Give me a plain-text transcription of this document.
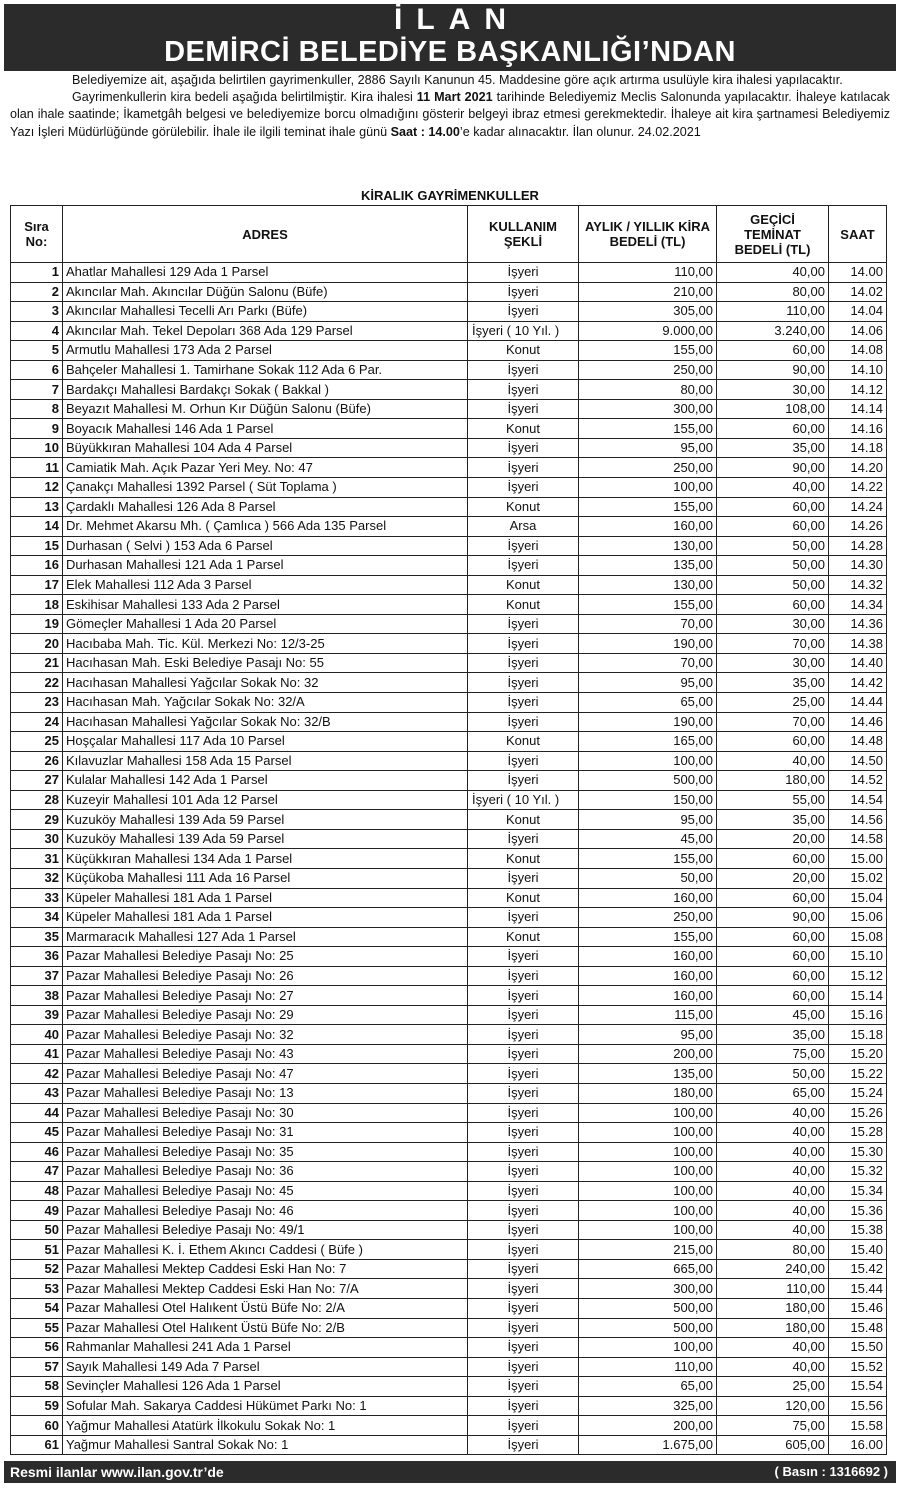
İLAN
DEMİRCİ BELEDİYE BAŞKANLIĞI’NDAN

Belediyemize ait, aşağıda belirtilen gayrimenkuller, 2886 Sayılı Kanunun 45. Maddesine göre açık artırma usulüyle kira ihalesi yapılacaktır.

Gayrimenkullerin kira bedeli aşağıda belirtilmiştir. Kira ihalesi 11 Mart 2021 tarihinde Belediyemiz Meclis Salonunda yapılacaktır. İhaleye katılacak olan ihale saatinde; İkametgâh belgesi ve belediyemize borcu olmadığını gösterir belgeyi ibraz etmesi gerekmektedir. İhaleye ait kira şartnamesi Belediyemiz Yazı İşleri Müdürlüğünde görülebilir. İhale ile ilgili teminat ihale günü Saat : 14.00’e kadar alınacaktır. İlan olunur. 24.02.2021

KİRALIK GAYRİMENKULLER
Sıra No:	ADRES	KULLANIM ŞEKLİ	AYLIK / YILLIK KİRA BEDELİ (TL)	GEÇİCİ TEMİNAT BEDELİ (TL)	SAAT
1	Ahatlar Mahallesi 129 Ada 1 Parsel	İşyeri	110,00	40,00	14.00
2	Akıncılar Mah. Akıncılar Düğün Salonu (Büfe)	İşyeri	210,00	80,00	14.02
3	Akıncılar Mahallesi Tecelli Arı Parkı (Büfe)	İşyeri	305,00	110,00	14.04
4	Akıncılar Mah. Tekel Depoları 368 Ada 129 Parsel	İşyeri ( 10 Yıl. )	9.000,00	3.240,00	14.06
5	Armutlu Mahallesi 173 Ada 2 Parsel	Konut	155,00	60,00	14.08
6	Bahçeler Mahallesi 1. Tamirhane Sokak 112 Ada 6 Par.	İşyeri	250,00	90,00	14.10
7	Bardakçı Mahallesi Bardakçı Sokak ( Bakkal )	İşyeri	80,00	30,00	14.12
8	Beyazıt Mahallesi M. Orhun Kır Düğün Salonu (Büfe)	İşyeri	300,00	108,00	14.14
9	Boyacık Mahallesi 146 Ada 1 Parsel	Konut	155,00	60,00	14.16
10	Büyükkıran Mahallesi 104 Ada 4 Parsel	İşyeri	95,00	35,00	14.18
11	Camiatik Mah. Açık Pazar Yeri Mey. No: 47	İşyeri	250,00	90,00	14.20
12	Çanakçı Mahallesi 1392 Parsel ( Süt Toplama )	İşyeri	100,00	40,00	14.22
13	Çardaklı Mahallesi 126 Ada 8 Parsel	Konut	155,00	60,00	14.24
14	Dr. Mehmet Akarsu Mh. ( Çamlıca ) 566 Ada 135 Parsel	Arsa	160,00	60,00	14.26
15	Durhasan ( Selvi ) 153 Ada 6 Parsel	İşyeri	130,00	50,00	14.28
16	Durhasan Mahallesi 121 Ada 1 Parsel	İşyeri	135,00	50,00	14.30
17	Elek Mahallesi 112 Ada 3 Parsel	Konut	130,00	50,00	14.32
18	Eskihisar Mahallesi 133 Ada 2 Parsel	Konut	155,00	60,00	14.34
19	Gömeçler Mahallesi 1 Ada 20 Parsel	İşyeri	70,00	30,00	14.36
20	Hacıbaba Mah. Tic. Kül. Merkezi No: 12/3-25	İşyeri	190,00	70,00	14.38
21	Hacıhasan Mah. Eski Belediye Pasajı No: 55	İşyeri	70,00	30,00	14.40
22	Hacıhasan Mahallesi Yağcılar Sokak No: 32	İşyeri	95,00	35,00	14.42
23	Hacıhasan Mah. Yağcılar Sokak No: 32/A	İşyeri	65,00	25,00	14.44
24	Hacıhasan Mahallesi Yağcılar Sokak No: 32/B	İşyeri	190,00	70,00	14.46
25	Hoşçalar Mahallesi 117 Ada 10 Parsel	Konut	165,00	60,00	14.48
26	Kılavuzlar Mahallesi 158 Ada 15 Parsel	İşyeri	100,00	40,00	14.50
27	Kulalar Mahallesi 142 Ada 1 Parsel	İşyeri	500,00	180,00	14.52
28	Kuzeyir Mahallesi 101 Ada 12 Parsel	İşyeri ( 10 Yıl. )	150,00	55,00	14.54
29	Kuzuköy Mahallesi 139 Ada 59 Parsel	Konut	95,00	35,00	14.56
30	Kuzuköy Mahallesi 139 Ada 59 Parsel	İşyeri	45,00	20,00	14.58
31	Küçükkıran Mahallesi 134 Ada 1 Parsel	Konut	155,00	60,00	15.00
32	Küçükoba Mahallesi 111 Ada 16 Parsel	İşyeri	50,00	20,00	15.02
33	Küpeler Mahallesi 181 Ada 1 Parsel	Konut	160,00	60,00	15.04
34	Küpeler Mahallesi 181 Ada 1 Parsel	İşyeri	250,00	90,00	15.06
35	Marmaracık Mahallesi 127 Ada 1 Parsel	Konut	155,00	60,00	15.08
36	Pazar Mahallesi Belediye Pasajı No: 25	İşyeri	160,00	60,00	15.10
37	Pazar Mahallesi Belediye Pasajı No: 26	İşyeri	160,00	60,00	15.12
38	Pazar Mahallesi Belediye Pasajı No: 27	İşyeri	160,00	60,00	15.14
39	Pazar Mahallesi Belediye Pasajı No: 29	İşyeri	115,00	45,00	15.16
40	Pazar Mahallesi Belediye Pasajı No: 32	İşyeri	95,00	35,00	15.18
41	Pazar Mahallesi Belediye Pasajı No: 43	İşyeri	200,00	75,00	15.20
42	Pazar Mahallesi Belediye Pasajı No: 47	İşyeri	135,00	50,00	15.22
43	Pazar Mahallesi Belediye Pasajı No: 13	İşyeri	180,00	65,00	15.24
44	Pazar Mahallesi Belediye Pasajı No: 30	İşyeri	100,00	40,00	15.26
45	Pazar Mahallesi Belediye Pasajı No: 31	İşyeri	100,00	40,00	15.28
46	Pazar Mahallesi Belediye Pasajı No: 35	İşyeri	100,00	40,00	15.30
47	Pazar Mahallesi Belediye Pasajı No: 36	İşyeri	100,00	40,00	15.32
48	Pazar Mahallesi Belediye Pasajı No: 45	İşyeri	100,00	40,00	15.34
49	Pazar Mahallesi Belediye Pasajı No: 46	İşyeri	100,00	40,00	15.36
50	Pazar Mahallesi Belediye Pasajı No: 49/1	İşyeri	100,00	40,00	15.38
51	Pazar Mahallesi K. İ. Ethem Akıncı Caddesi ( Büfe )	İşyeri	215,00	80,00	15.40
52	Pazar Mahallesi Mektep Caddesi Eski Han No: 7	İşyeri	665,00	240,00	15.42
53	Pazar Mahallesi Mektep Caddesi Eski Han No: 7/A	İşyeri	300,00	110,00	15.44
54	Pazar Mahallesi Otel Halıkent Üstü Büfe No: 2/A	İşyeri	500,00	180,00	15.46
55	Pazar Mahallesi Otel Halıkent Üstü Büfe No: 2/B	İşyeri	500,00	180,00	15.48
56	Rahmanlar Mahallesi 241 Ada 1 Parsel	İşyeri	100,00	40,00	15.50
57	Sayık Mahallesi 149 Ada 7 Parsel	İşyeri	110,00	40,00	15.52
58	Sevinçler Mahallesi 126 Ada 1 Parsel	İşyeri	65,00	25,00	15.54
59	Sofular Mah. Sakarya Caddesi Hükümet Parkı No: 1	İşyeri	325,00	120,00	15.56
60	Yağmur Mahallesi Atatürk İlkokulu Sokak No: 1	İşyeri	200,00	75,00	15.58
61	Yağmur Mahallesi Santral Sokak No: 1	İşyeri	1.675,00	605,00	16.00
Resmi ilanlar www.ilan.gov.tr’de	( Basın : 1316692 )
